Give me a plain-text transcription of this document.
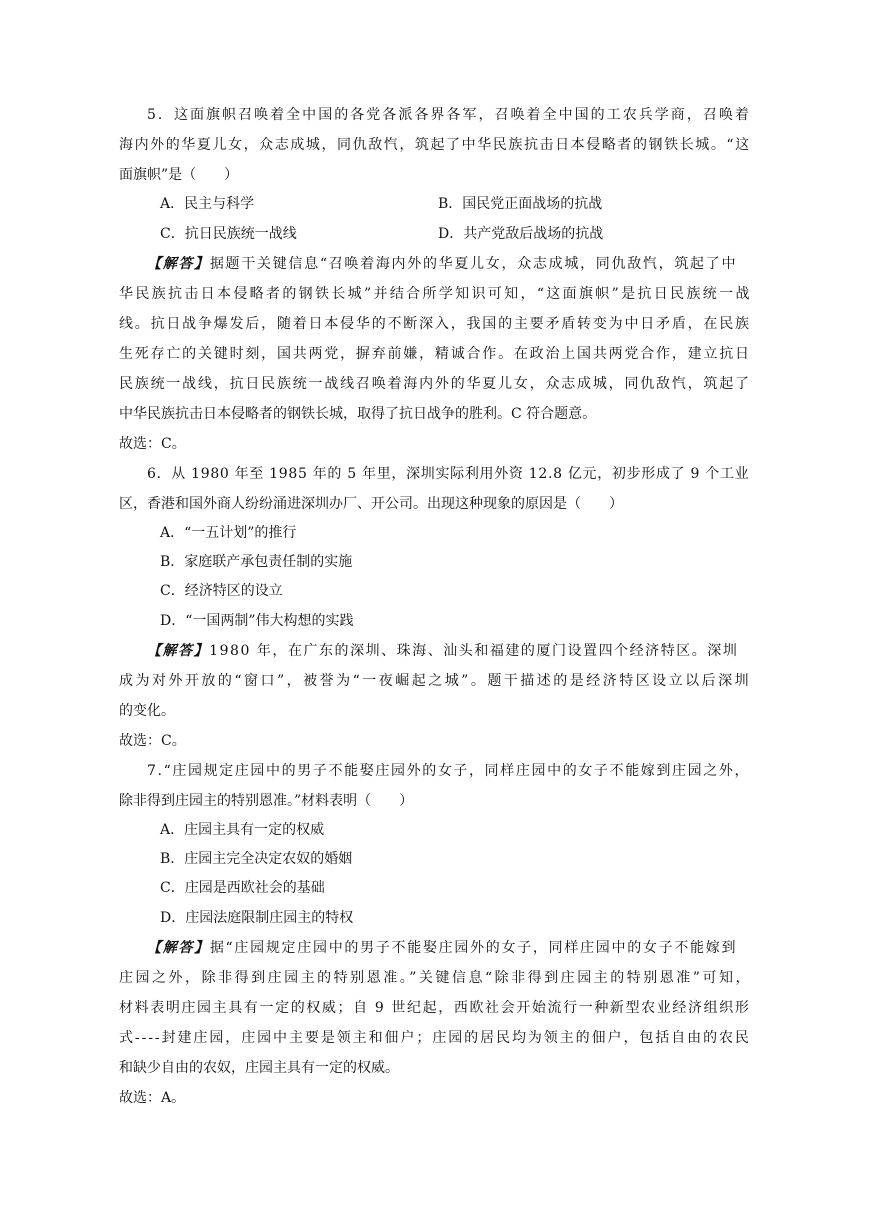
5．这面旗帜召唤着全中国的各党各派各界各军，召唤着全中国的工农兵学商，召唤着
海内外的华夏儿女，众志成城，同仇敌忾，筑起了中华民族抗击日本侵略者的钢铁长城。“这
面旗帜”是（　　）
A．民主与科学	B．国民党正面战场的抗战
C．抗日民族统一战线	D．共产党敌后战场的抗战
【解答】据题干关键信息“召唤着海内外的华夏儿女，众志成城，同仇敌忾，筑起了中
华民族抗击日本侵略者的钢铁长城”并结合所学知识可知，“这面旗帜”是抗日民族统一战
线。抗日战争爆发后，随着日本侵华的不断深入，我国的主要矛盾转变为中日矛盾，在民族
生死存亡的关键时刻，国共两党，摒弃前嫌，精诚合作。在政治上国共两党合作，建立抗日
民族统一战线，抗日民族统一战线召唤着海内外的华夏儿女，众志成城，同仇敌忾，筑起了
中华民族抗击日本侵略者的钢铁长城，取得了抗日战争的胜利。C 符合题意。
故选：C。
6．从 1980 年至 1985 年的 5 年里，深圳实际利用外资 12.8 亿元，初步形成了 9 个工业
区，香港和国外商人纷纷涌进深圳办厂、开公司。出现这种现象的原因是（　　）
A．“一五计划”的推行
B．家庭联产承包责任制的实施
C．经济特区的设立
D．“一国两制”伟大构想的实践
【解答】1980 年，在广东的深圳、珠海、汕头和福建的厦门设置四个经济特区。深圳
成为对外开放的“窗口”，被誉为“一夜崛起之城”。题干描述的是经济特区设立以后深圳
的变化。
故选：C。
7.“庄园规定庄园中的男子不能娶庄园外的女子，同样庄园中的女子不能嫁到庄园之外，
除非得到庄园主的特别恩准。”材料表明（　　）
A．庄园主具有一定的权威
B．庄园主完全决定农奴的婚姻
C．庄园是西欧社会的基础
D．庄园法庭限制庄园主的特权
【解答】据“庄园规定庄园中的男子不能娶庄园外的女子，同样庄园中的女子不能嫁到
庄园之外，除非得到庄园主的特别恩准。”关键信息“除非得到庄园主的特别恩准”可知，
材料表明庄园主具有一定的权威；自 9 世纪起，西欧社会开始流行一种新型农业经济组织形
式----封建庄园，庄园中主要是领主和佃户；庄园的居民均为领主的佃户，包括自由的农民
和缺少自由的农奴，庄园主具有一定的权威。
故选：A。
